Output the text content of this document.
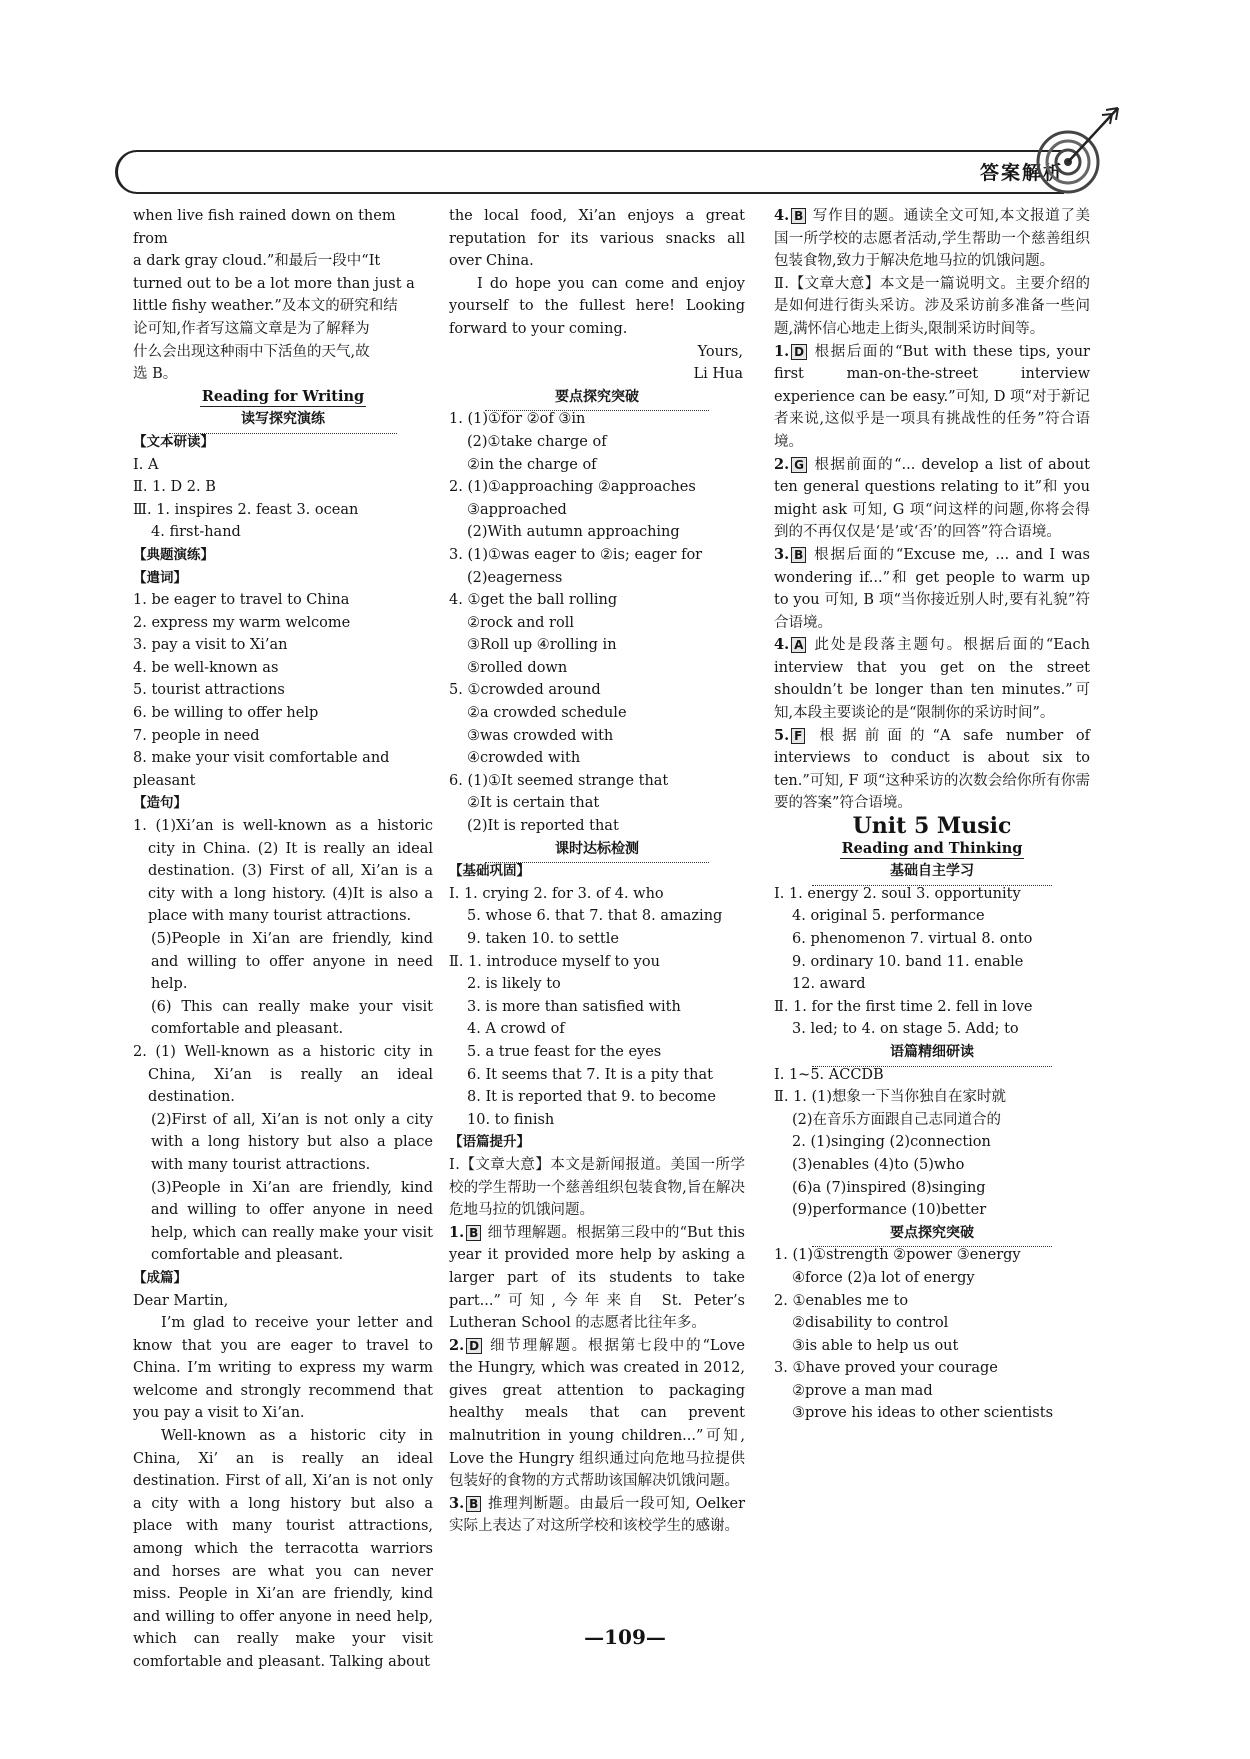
答案解析

when live fish rained down on them from

a dark gray cloud.”和最后一段中“It

turned out to be a lot more than just a

little fishy weather.”及本文的研究和结

论可知,作者写这篇文章是为了解释为

什么会出现这种雨中下活鱼的天气,故

选 B。

Reading for Writing

读写探究演练

【文本研读】

Ⅰ. A

Ⅱ. 1. D 2. B

Ⅲ. 1. inspires 2. feast 3. ocean

4. first-hand

【典题演练】

【遣词】

1. be eager to travel to China

2. express my warm welcome

3. pay a visit to Xi’an

4. be well-known as

5. tourist attractions

6. be willing to offer help

7. people in need

8. make your visit comfortable and pleasant

【造句】

1. (1)Xi’an is well-known as a historic city in China. (2) It is really an ideal destination. (3) First of all, Xi’an is a city with a long history. (4)It is also a place with many tourist attractions.

(5)People in Xi’an are friendly, kind and willing to offer anyone in need help.

(6) This can really make your visit comfortable and pleasant.

2. (1) Well-known as a historic city in China, Xi’an is really an ideal destination.

(2)First of all, Xi’an is not only a city with a long history but also a place with many tourist attractions.

(3)People in Xi’an are friendly, kind and willing to offer anyone in need help, which can really make your visit comfortable and pleasant.

【成篇】

Dear Martin,

I’m glad to receive your letter and know that you are eager to travel to China. I’m writing to express my warm welcome and strongly recommend that you pay a visit to Xi’an.

Well-known as a historic city in China, Xi’ an is really an ideal destination. First of all, Xi’an is not only a city with a long history but also a place with many tourist attractions, among which the terracotta warriors and horses are what you can never miss. People in Xi’an are friendly, kind and willing to offer anyone in need help, which can really make your visit comfortable and pleasant. Talking about

the local food, Xi’an enjoys a great reputation for its various snacks all over China.

I do hope you can come and enjoy yourself to the fullest here! Looking forward to your coming.

Yours,

Li Hua

要点探究突破

1. (1)①for ②of ③in

(2)①take charge of

②in the charge of

2. (1)①approaching ②approaches

③approached

(2)With autumn approaching

3. (1)①was eager to ②is; eager for

(2)eagerness

4. ①get the ball rolling

②rock and roll

③Roll up ④rolling in

⑤rolled down

5. ①crowded around

②a crowded schedule

③was crowded with

④crowded with

6. (1)①It seemed strange that

②It is certain that

(2)It is reported that

课时达标检测

【基础巩固】

Ⅰ. 1. crying 2. for 3. of 4. who

5. whose 6. that 7. that 8. amazing

9. taken 10. to settle

Ⅱ. 1. introduce myself to you

2. is likely to

3. is more than satisfied with

4. A crowd of

5. a true feast for the eyes

6. It seems that 7. It is a pity that

8. It is reported that 9. to become

10. to finish

【语篇提升】

Ⅰ.【文章大意】本文是新闻报道。美国一所学校的学生帮助一个慈善组织包装食物,旨在解决危地马拉的饥饿问题。

1. B 细节理解题。根据第三段中的“But this year it provided more help by asking a larger part of its students to take part...”可知,今年来自 St. Peter’s Lutheran School 的志愿者比往年多。

2. D 细节理解题。根据第七段中的“Love the Hungry, which was created in 2012, gives great attention to packaging healthy meals that can prevent malnutrition in young children...”可知, Love the Hungry 组织通过向危地马拉提供包装好的食物的方式帮助该国解决饥饿问题。

3. B 推理判断题。由最后一段可知, Oelker 实际上表达了对这所学校和该校学生的感谢。

4. B 写作目的题。通读全文可知,本文报道了美国一所学校的志愿者活动,学生帮助一个慈善组织包装食物,致力于解决危地马拉的饥饿问题。

Ⅱ.【文章大意】本文是一篇说明文。主要介绍的是如何进行街头采访。涉及采访前多准备一些问题,满怀信心地走上街头,限制采访时间等。

1. D 根据后面的“But with these tips, your first man-on-the-street interview experience can be easy.”可知, D 项“对于新记者来说,这似乎是一项具有挑战性的任务”符合语境。

2. G 根据前面的“... develop a list of about ten general questions relating to it”和 you might ask 可知, G 项“问这样的问题,你将会得到的不再仅仅是‘是’或‘否’的回答”符合语境。

3. B 根据后面的“Excuse me, ... and I was wondering if...”和 get people to warm up to you 可知, B 项“当你接近别人时,要有礼貌”符合语境。

4. A 此处是段落主题句。根据后面的“Each interview that you get on the street shouldn’t be longer than ten minutes.”可知,本段主要谈论的是“限制你的采访时间”。

5. F 根据前面的“A safe number of interviews to conduct is about six to ten.”可知, F 项“这种采访的次数会给你所有你需要的答案”符合语境。

Unit 5 Music

Reading and Thinking

基础自主学习

Ⅰ. 1. energy 2. soul 3. opportunity

4. original 5. performance

6. phenomenon 7. virtual 8. onto

9. ordinary 10. band 11. enable

12. award

Ⅱ. 1. for the first time 2. fell in love

3. led; to 4. on stage 5. Add; to

语篇精细研读

Ⅰ. 1~5. ACCDB

Ⅱ. 1. (1)想象一下当你独自在家时就

(2)在音乐方面跟自己志同道合的

2. (1)singing (2)connection

(3)enables (4)to (5)who

(6)a (7)inspired (8)singing

(9)performance (10)better

要点探究突破

1. (1)①strength ②power ③energy

④force (2)a lot of energy

2. ①enables me to

②disability to control

③is able to help us out

3. ①have proved your courage

②prove a man mad

③prove his ideas to other scientists

—109—
